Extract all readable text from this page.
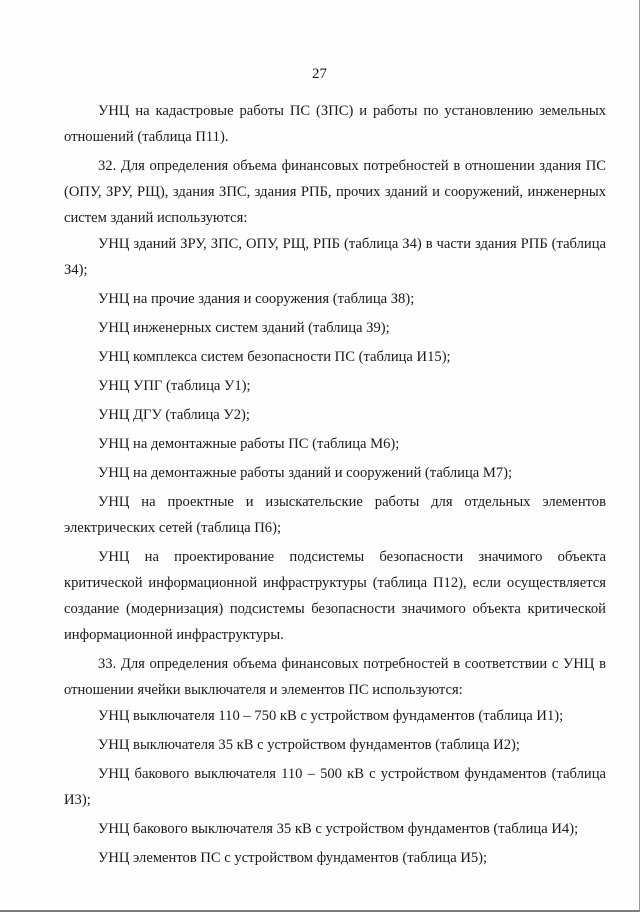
27

УНЦ на кадастровые работы ПС (ЗПС) и работы по установлению земельных отношений (таблица П11).

32. Для определения объема финансовых потребностей в отношении здания ПС (ОПУ, ЗРУ, РЩ), здания ЗПС, здания РПБ, прочих зданий и сооружений, инженерных систем зданий используются:

УНЦ зданий ЗРУ, ЗПС, ОПУ, РЩ, РПБ (таблица З4) в части здания РПБ (таблица З4);

УНЦ на прочие здания и сооружения (таблица З8);

УНЦ инженерных систем зданий (таблица З9);

УНЦ комплекса систем безопасности ПС (таблица И15);

УНЦ УПГ (таблица У1);

УНЦ ДГУ (таблица У2);

УНЦ на демонтажные работы ПС (таблица М6);

УНЦ на демонтажные работы зданий и сооружений (таблица М7);

УНЦ на проектные и изыскательские работы для отдельных элементов электрических сетей (таблица П6);

УНЦ на проектирование подсистемы безопасности значимого объекта критической информационной инфраструктуры (таблица П12), если осуществляется создание (модернизация) подсистемы безопасности значимого объекта критической информационной инфраструктуры.

33. Для определения объема финансовых потребностей в соответствии с УНЦ в отношении ячейки выключателя и элементов ПС используются:

УНЦ выключателя 110 – 750 кВ с устройством фундаментов (таблица И1);

УНЦ выключателя 35 кВ с устройством фундаментов (таблица И2);

УНЦ бакового выключателя 110 – 500 кВ с устройством фундаментов (таблица И3);

УНЦ бакового выключателя 35 кВ с устройством фундаментов (таблица И4);

УНЦ элементов ПС с устройством фундаментов (таблица И5);
